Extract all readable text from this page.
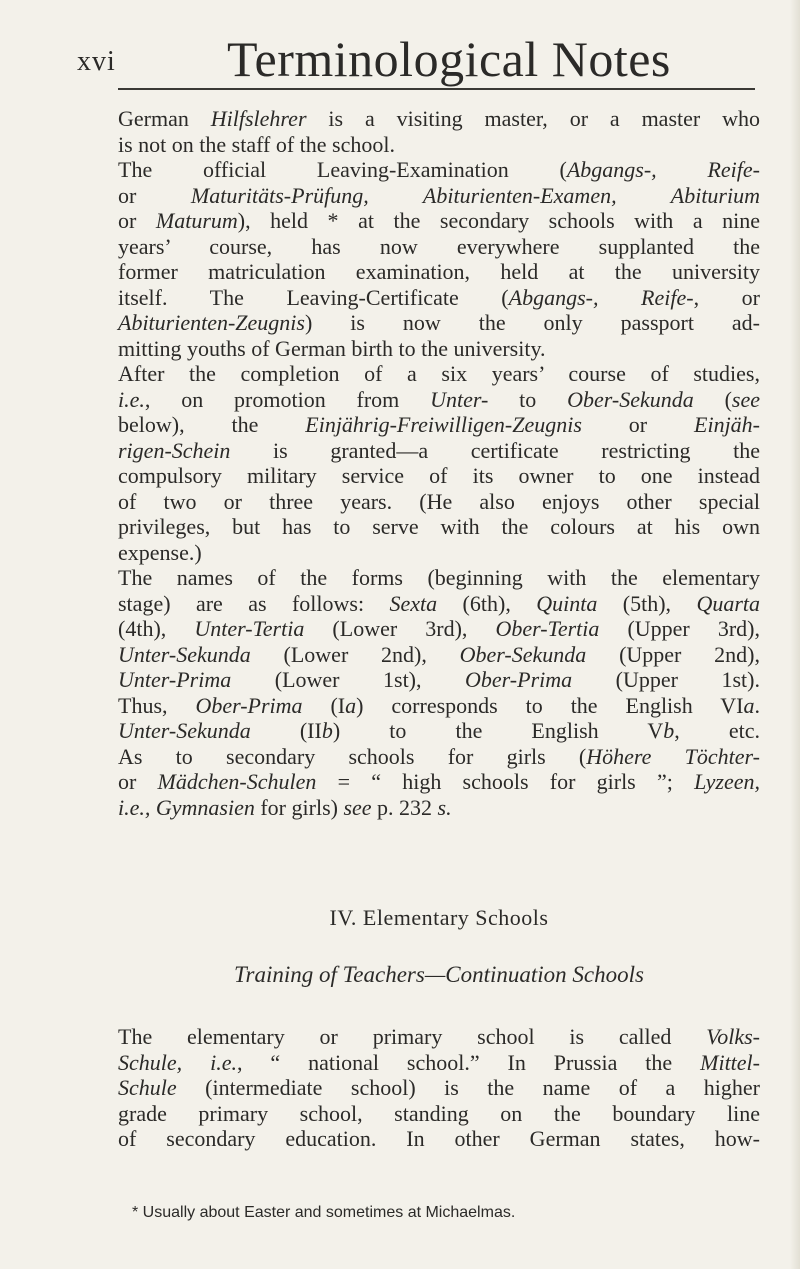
xvi Terminological Notes
German Hilfslehrer is a visiting master, or a master who
is not on the staff of the school.
The official Leaving-Examination (Abgangs-, Reife-
or Maturitäts-Prüfung, Abiturienten-Examen, Abiturium
or Maturum), held * at the secondary schools with a nine
years’ course, has now everywhere supplanted the
former matriculation examination, held at the university
itself. The Leaving-Certificate (Abgangs-, Reife-, or
Abiturienten-Zeugnis) is now the only passport ad-
mitting youths of German birth to the university.
After the completion of a six years’ course of studies,
i.e., on promotion from Unter- to Ober-Sekunda (see
below), the Einjährig-Freiwilligen-Zeugnis or Einjäh-
rigen-Schein is granted—a certificate restricting the
compulsory military service of its owner to one instead
of two or three years. (He also enjoys other special
privileges, but has to serve with the colours at his own
expense.)
The names of the forms (beginning with the elementary
stage) are as follows: Sexta (6th), Quinta (5th), Quarta
(4th), Unter-Tertia (Lower 3rd), Ober-Tertia (Upper 3rd),
Unter-Sekunda (Lower 2nd), Ober-Sekunda (Upper 2nd),
Unter-Prima (Lower 1st), Ober-Prima (Upper 1st).
Thus, Ober-Prima (Ia) corresponds to the English VIa.
Unter-Sekunda (IIb) to the English Vb, etc.
As to secondary schools for girls (Höhere Töchter-
or Mädchen-Schulen = “ high schools for girls ”; Lyzeen,
i.e., Gymnasien for girls) see p. 232 s.
IV. Elementary Schools
Training of Teachers—Continuation Schools
The elementary or primary school is called Volks-
Schule, i.e., “ national school.” In Prussia the Mittel-
Schule (intermediate school) is the name of a higher
grade primary school, standing on the boundary line
of secondary education. In other German states, how-
* Usually about Easter and sometimes at Michaelmas.
